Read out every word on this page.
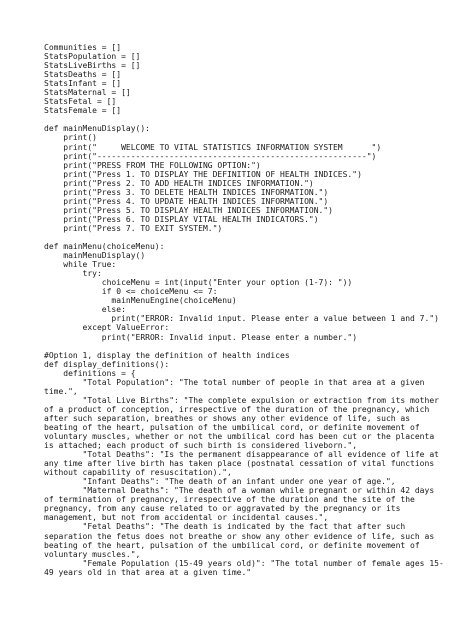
Communities = []
StatsPopulation = []
StatsLiveBirths = []
StatsDeaths = []
StatsInfant = []
StatsMaternal = []
StatsFetal = []
StatsFemale = []

def mainMenuDisplay():
print()
print("     WELCOME TO VITAL STATISTICS INFORMATION SYSTEM      ")
print("--------------------------------------------------------")
print("PRESS FROM THE FOLLOWING OPTION:")
print("Press 1. TO DISPLAY THE DEFINITION OF HEALTH INDICES.")
print("Press 2. TO ADD HEALTH INDICES INFORMATION.")
print("Press 3. TO DELETE HEALTH INDICES INFORMATION.")
print("Press 4. TO UPDATE HEALTH INDICES INFORMATION.")
print("Press 5. TO DISPLAY HEALTH INDICES INFORMATION.")
print("Press 6. TO DISPLAY VITAL HEALTH INDICATORS.")
print("Press 7. TO EXIT SYSTEM.")

def mainMenu(choiceMenu):
mainMenuDisplay()
while True:
try:
choiceMenu = int(input("Enter your option (1-7): "))
if 0 <= choiceMenu <= 7:
mainMenuEngine(choiceMenu)
else:
print("ERROR: Invalid input. Please enter a value between 1 and 7.")
except ValueError:
print("ERROR: Invalid input. Please enter a number.")

#Option 1, display the definition of health indices
def display_definitions():
definitions = {
"Total Population": "The total number of people in that area at a given
time.",
"Total Live Births": "The complete expulsion or extraction from its mother
of a product of conception, irrespective of the duration of the pregnancy, which
after such separation, breathes or shows any other evidence of life, such as
beating of the heart, pulsation of the umbilical cord, or definite movement of
voluntary muscles, whether or not the umbilical cord has been cut or the placenta
is attached; each product of such birth is considered liveborn.",
"Total Deaths": "Is the permanent disappearance of all evidence of life at
any time after live birth has taken place (postnatal cessation of vital functions
without capability of resuscitation).",
"Infant Deaths": "The death of an infant under one year of age.",
"Maternal Deaths": "The death of a woman while pregnant or within 42 days
of termination of pregnancy, irrespective of the duration and the site of the
pregnancy, from any cause related to or aggravated by the pregnancy or its
management, but not from accidental or incidental causes.",
"Fetal Deaths": "The death is indicated by the fact that after such
separation the fetus does not breathe or show any other evidence of life, such as
beating of the heart, pulsation of the umbilical cord, or definite movement of
voluntary muscles.",
"Female Population (15-49 years old)": "The total number of female ages 15-
49 years old in that area at a given time."
